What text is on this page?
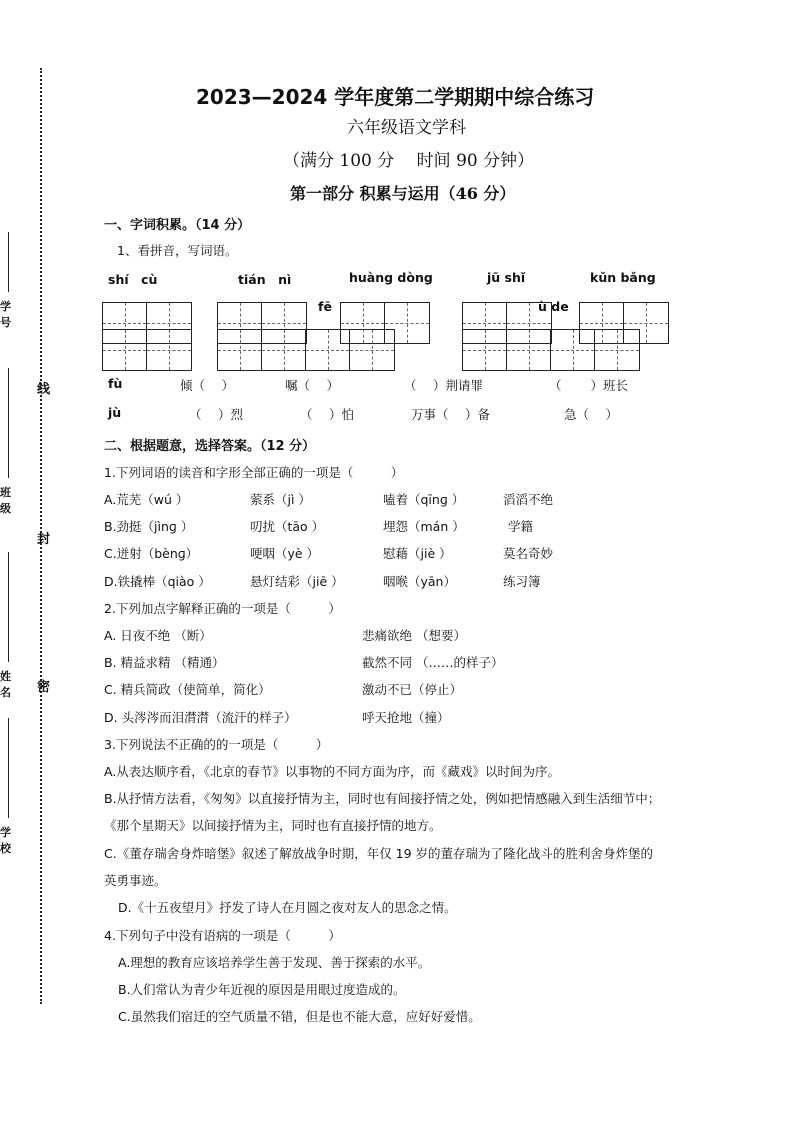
线
封
密
学号
班级
姓名
学校
2023—2024 学年度第二学期期中综合练习
六年级语文学科
（满分 100 分　 时间 90 分钟）
第一部分 积累与运用（46 分）
一、字词积累。（14 分）
1、看拼音，写词语。
shí　cù	tián　nì	huàng dòng	jū shǐ	kǔn bǎng
fē	ù de
fù	倾（　 ）	嘱（　 ）	（　 ）荆请罪	（　　 ）班长
jù	（　 ）烈	（　 ）怕	万事（　 ）备	急（　 ）
二、根据题意，选择答案。（12 分）
1.下列词语的读音和字形全部正确的一项是（　　　）
A.荒芜（wú ）	萦系（jì ）	嗑着（qīnɡ ）	滔滔不绝
B.劲挺（jìnɡ ）	叨扰（tāo ）	埋怨（mán ）	学籍
C.迸射（bènɡ）	哽咽（yè ）	慰藉（jiè ）	莫名奇妙
D.铁撬棒（qiào ）	悬灯结彩（jiē ）	咽喉（yān）	练习簿
2.下列加点字解释正确的一项是（　　　）
A. 日夜不绝 （断）	悲痛欲绝 （想要）
B. 精益求精 （精通）	截然不同 （……的样子）
C. 精兵简政（使简单，简化）	激动不已（停止）
D. 头涔涔而泪潸潸（流汗的样子）	呼天抢地（撞）
3.下列说法不正确的的一项是（　　　）
A.从表达顺序看，《北京的春节》以事物的不同方面为序，而《藏戏》以时间为序。
B.从抒情方法看，《匆匆》以直接抒情为主，同时也有间接抒情之处，例如把情感融入到生活细节中；
《那个星期天》以间接抒情为主，同时也有直接抒情的地方。
C.《董存瑞舍身炸暗堡》叙述了解放战争时期，年仅 19 岁的董存瑞为了隆化战斗的胜利舍身炸堡的
英勇事迹。
D.《十五夜望月》抒发了诗人在月圆之夜对友人的思念之情。
4.下列句子中没有语病的一项是（　　　）
A.理想的教育应该培养学生善于发现、善于探索的水平。
B.人们常认为青少年近视的原因是用眼过度造成的。
C.虽然我们宿迁的空气质量不错，但是也不能大意，应好好爱惜。
